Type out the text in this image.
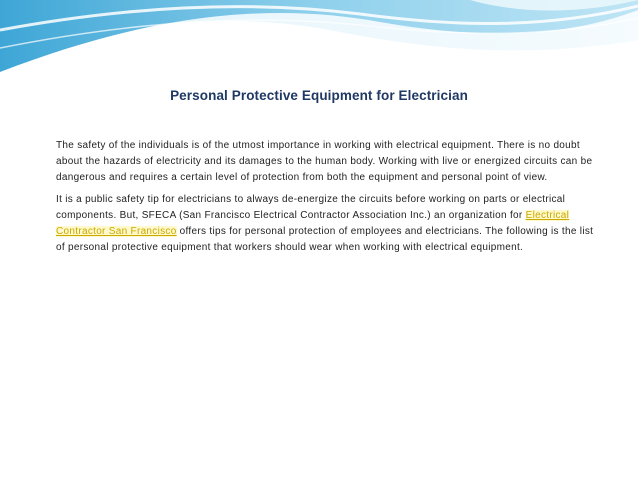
Personal Protective Equipment for Electrician

The safety of the individuals is of the utmost importance in working with electrical equipment. There is no doubt about the hazards of electricity and its damages to the human body. Working with live or energized circuits can be dangerous and requires a certain level of protection from both the equipment and personal point of view.

It is a public safety tip for electricians to always de-energize the circuits before working on parts or electrical components. But, SFECA (San Francisco Electrical Contractor Association Inc.) an organization for Electrical Contractor San Francisco offers tips for personal protection of employees and electricians. The following is the list of personal protective equipment that workers should wear when working with electrical equipment.
